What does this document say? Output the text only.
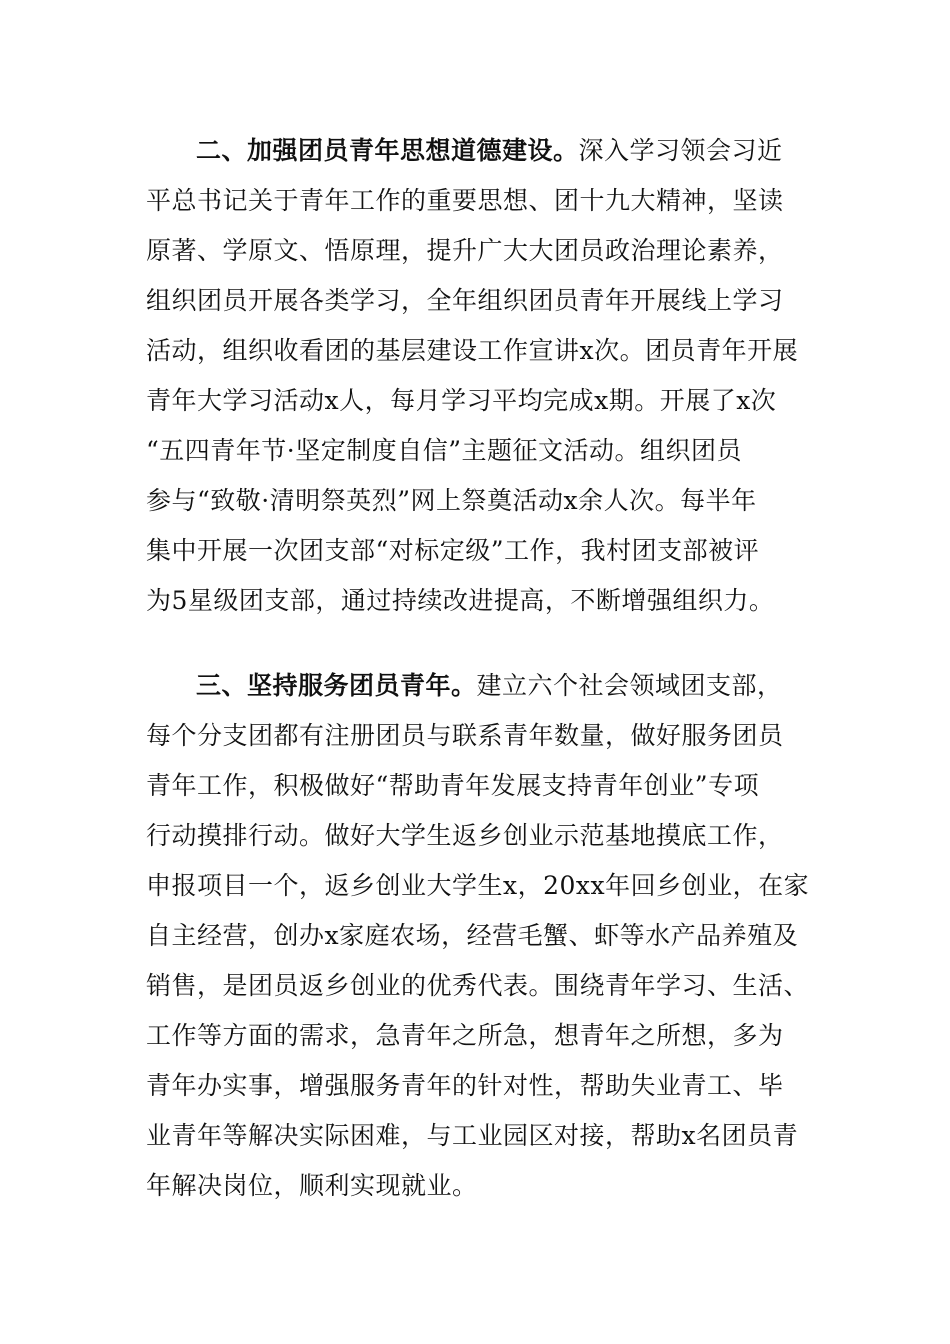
二、加强团员青年思想道德建设。深入学习领会习近
平总书记关于青年工作的重要思想、团十九大精神，坚读
原著、学原文、悟原理，提升广大大团员政治理论素养，
组织团员开展各类学习，全年组织团员青年开展线上学习
活动，组织收看团的基层建设工作宣讲x次。团员青年开展
青年大学习活动x人，每月学习平均完成x期。开展了x次
“五四青年节·坚定制度自信”主题征文活动。组织团员
参与“致敬·清明祭英烈”网上祭奠活动x余人次。每半年
集中开展一次团支部“对标定级”工作，我村团支部被评
为5星级团支部，通过持续改进提高，不断增强组织力。
三、坚持服务团员青年。建立六个社会领域团支部，
每个分支团都有注册团员与联系青年数量，做好服务团员
青年工作，积极做好“帮助青年发展支持青年创业”专项
行动摸排行动。做好大学生返乡创业示范基地摸底工作，
申报项目一个，返乡创业大学生x，20xx年回乡创业，在家
自主经营，创办x家庭农场，经营毛蟹、虾等水产品养殖及
销售，是团员返乡创业的优秀代表。围绕青年学习、生活、
工作等方面的需求，急青年之所急，想青年之所想，多为
青年办实事，增强服务青年的针对性，帮助失业青工、毕
业青年等解决实际困难，与工业园区对接，帮助x名团员青
年解决岗位，顺利实现就业。
